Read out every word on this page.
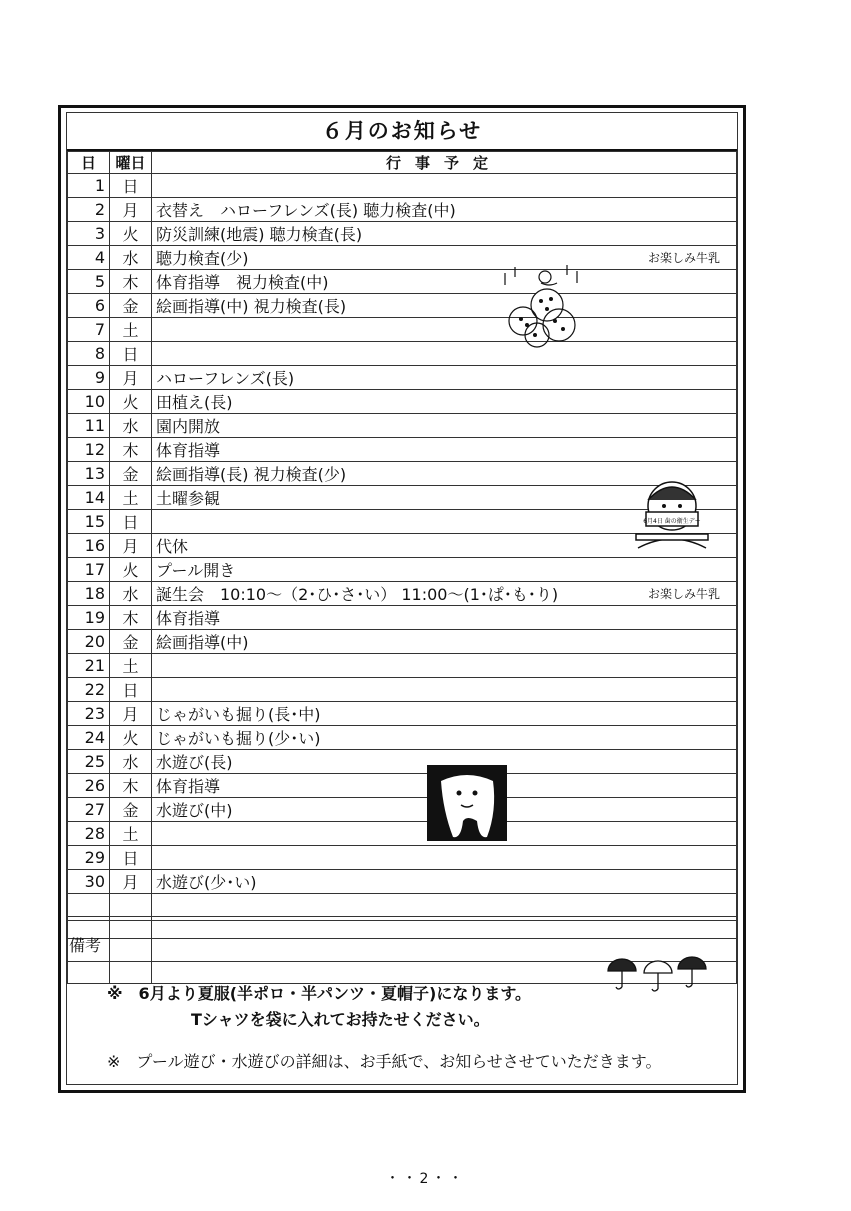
６月のお知らせ
日	曜日	行事予定
1	日	
2	月	衣替え　ハローフレンズ(長) 聴力検査(中)
3	火	防災訓練(地震) 聴力検査(長)
4	水	聴力検査(少) お楽しみ牛乳

5	木	体育指導　視力検査(中)
6	金	絵画指導(中) 視力検査(長)
7	土	
8	日	
9	月	ハローフレンズ(長)
10	火	田植え(長)
11	水	園内開放
12	木	体育指導
13	金	絵画指導(長) 視力検査(少)
14	土	土曜参観
15	日	
16	月	代休
17	火	プール開き
18	水	誕生会　10:10～（2･ひ･さ･い） 11:00～(1･ぱ･も･り) お楽しみ牛乳

19	木	体育指導
20	金	絵画指導(中)
21	土	
22	日	
23	月	じゃがいも掘り(長･中)
24	火	じゃがいも掘り(少･い)
25	水	水遊び(長)
26	木	体育指導
27	金	水遊び(中)
28	土	
29	日	
30	月	水遊び(少･い)

備考
※　6月より夏服(半ポロ・半パンツ・夏帽子)になります。
Tシャツを袋に入れてお持たせください。
※　プール遊び・水遊びの詳細は、お手紙で、お知らせさせていただきます。
6月4日 歯の衛生デー
・・2・・
